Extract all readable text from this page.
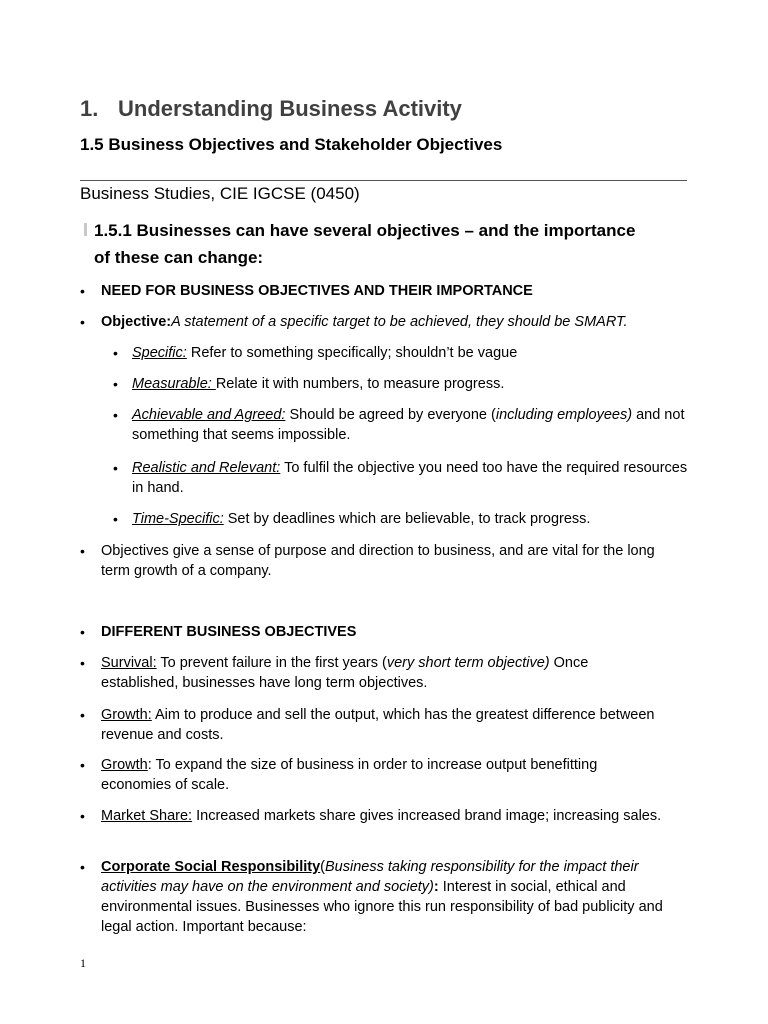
1. Understanding Business Activity
1.5 Business Objectives and Stakeholder Objectives
Business Studies, CIE IGCSE (0450)
1.5.1 Businesses can have several objectives – and the importance of these can change:
• NEED FOR BUSINESS OBJECTIVES AND THEIR IMPORTANCE
• Objective:A statement of a specific target to be achieved, they should be SMART.
• Specific: Refer to something specifically; shouldn’t be vague
• Measurable: Relate it with numbers, to measure progress.
• Achievable and Agreed: Should be agreed by everyone (including employees) and not something that seems impossible.
• Realistic and Relevant: To fulfil the objective you need too have the required resources in hand.
• Time-Specific: Set by deadlines which are believable, to track progress.
• Objectives give a sense of purpose and direction to business, and are vital for the long term growth of a company.
• DIFFERENT BUSINESS OBJECTIVES
• Survival: To prevent failure in the first years (very short term objective) Once established, businesses have long term objectives.
• Growth: Aim to produce and sell the output, which has the greatest difference between revenue and costs.
• Growth: To expand the size of business in order to increase output benefitting economies of scale.
• Market Share: Increased markets share gives increased brand image; increasing sales.
• Corporate Social Responsibility(Business taking responsibility for the impact their activities may have on the environment and society): Interest in social, ethical and environmental issues. Businesses who ignore this run responsibility of bad publicity and legal action. Important because:
1
